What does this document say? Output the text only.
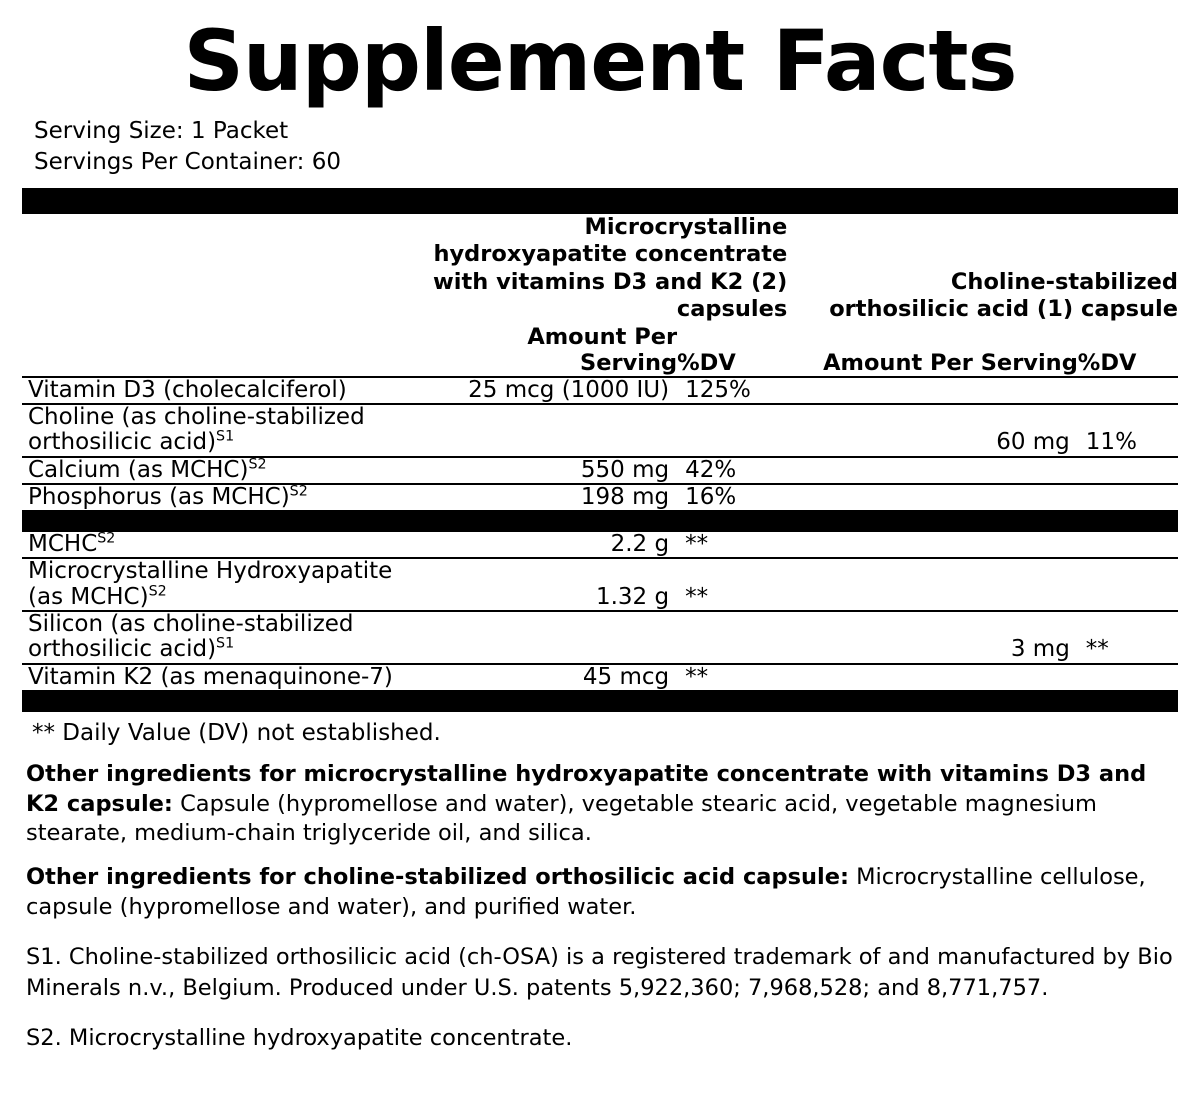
Supplement Facts
Serving Size: 1 Packet
Servings Per Container: 60

Microcrystalline hydroxyapatite concentrate
with vitamins D3 and K2 (2) capsules

Choline-stabilized
orthosilicic acid (1) capsule

	Amount Per Serving	%DV	Amount Per Serving	%DV
Vitamin D3 (cholecalciferol)	25 mcg (1000 IU)	125%		
Choline (as choline-stabilized orthosilicic acid)$^{S1}$			60 mg	11%
Calcium (as MCHC)$^{S2}$	550 mg	42%		
Phosphorus (as MCHC)$^{S2}$	198 mg	16%		
$MCHC^{S2}$	2.2 g	**		
Microcrystalline Hydroxyapatite (as MCHC)$^{S2}$	1.32 g	**		
Silicon (as choline-stabilized orthosilicic acid)$^{S1}$			3 mg	**
Vitamin K2 (as menaquinone-7)	45 mcg	**		
** Daily Value (DV) not established.
Other ingredients for microcrystalline hydroxyapatite concentrate with vitamins D3 and K2 capsule: Capsule (hypromellose and water), vegetable stearic acid, vegetable magnesium stearate, medium-chain triglyceride oil, and silica.
Other ingredients for choline-stabilized orthosilicic acid capsule: Microcrystalline cellulose, capsule (hypromellose and water), and purified water.
S1. Choline-stabilized orthosilicic acid (ch-OSA) is a registered trademark of and manufactured by Bio Minerals n.v., Belgium. Produced under U.S. patents 5,922,360; 7,968,528; and 8,771,757.
S2. Microcrystalline hydroxyapatite concentrate.
